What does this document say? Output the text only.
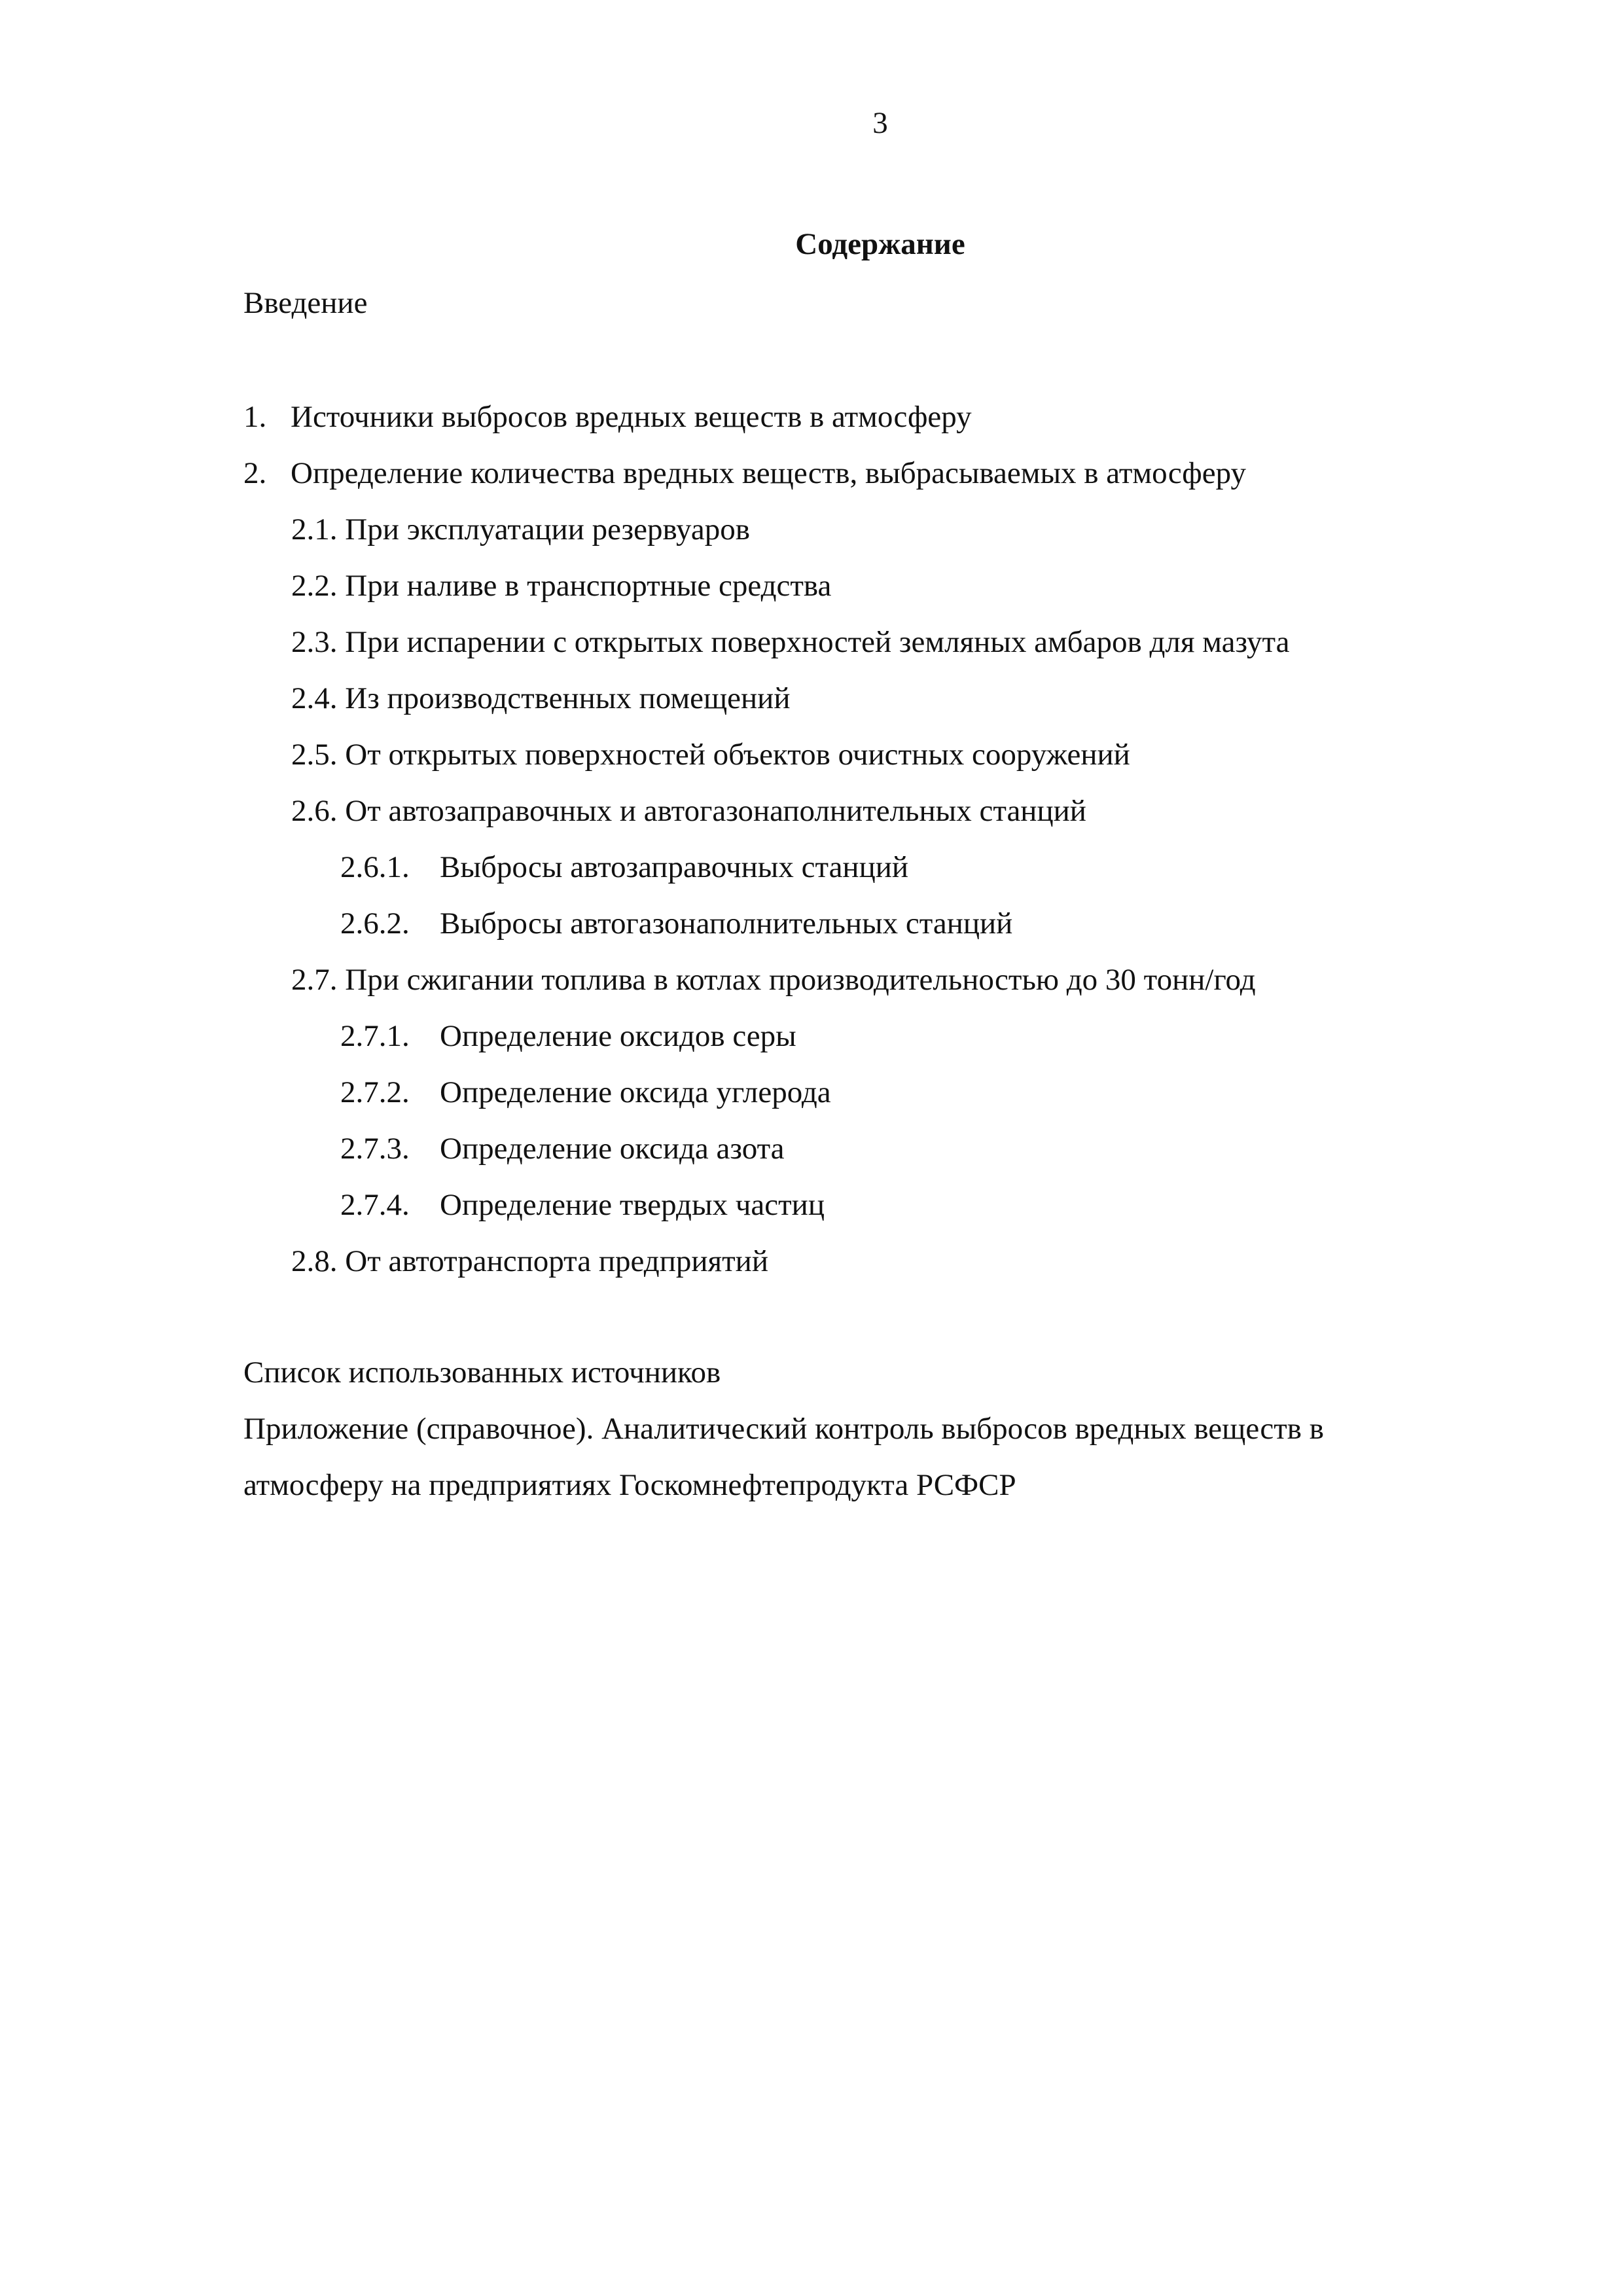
3
Содержание
Введение
1. Источники выбросов вредных веществ в атмосферу
2. Определение количества вредных веществ, выбрасываемых в атмосферу
2.1. При эксплуатации резервуаров
2.2. При наливе в транспортные средства
2.3. При испарении с открытых поверхностей земляных амбаров для мазута
2.4. Из производственных помещений
2.5. От открытых поверхностей объектов очистных сооружений
2.6. От автозаправочных и автогазонаполнительных станций
2.6.1. Выбросы автозаправочных станций
2.6.2. Выбросы автогазонаполнительных станций
2.7. При сжигании топлива в котлах производительностью до 30 тонн/год
2.7.1. Определение оксидов серы
2.7.2. Определение оксида углерода
2.7.3. Определение оксида азота
2.7.4. Определение твердых частиц
2.8. От автотранспорта предприятий
Список использованных источников
Приложение (справочное). Аналитический контроль выбросов вредных веществ в
атмосферу на предприятиях Госкомнефтепродукта РСФСР
